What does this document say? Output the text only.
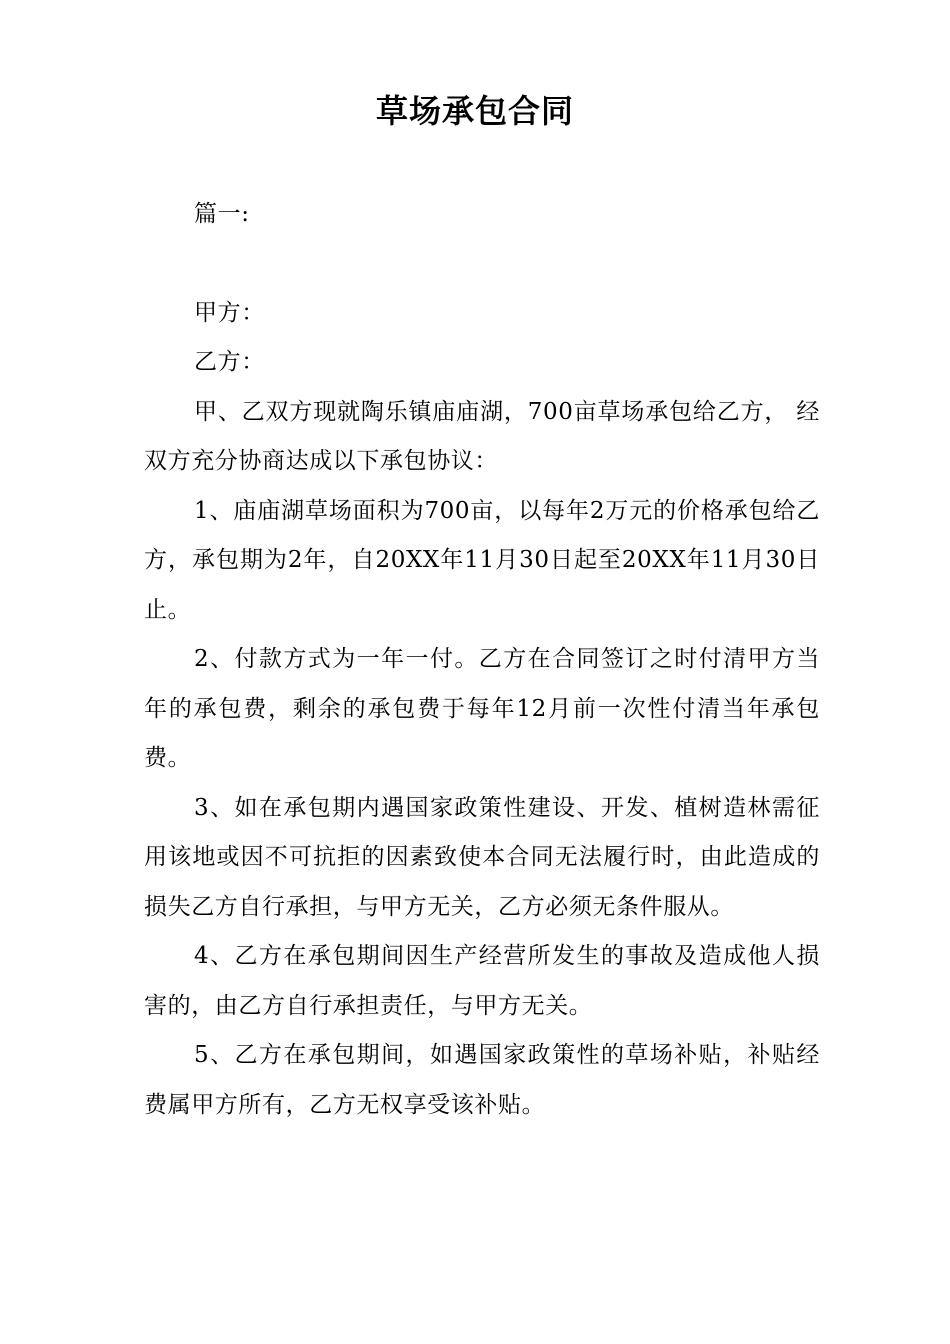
草场承包合同

篇一:

甲方：

乙方：

甲、乙双方现就陶乐镇庙庙湖，700亩草场承包给乙方， 经双方充分协商达成以下承包协议：

1、庙庙湖草场面积为700亩，以每年2万元的价格承包给乙方，承包期为2年，自20XX年11月30日起至20XX年11月30日止。

2、付款方式为一年一付。乙方在合同签订之时付清甲方当年的承包费，剩余的承包费于每年12月前一次性付清当年承包费。

3、如在承包期内遇国家政策性建设、开发、植树造林需征用该地或因不可抗拒的因素致使本合同无法履行时，由此造成的损失乙方自行承担，与甲方无关，乙方必须无条件服从。

4、乙方在承包期间因生产经营所发生的事故及造成他人损害的，由乙方自行承担责任，与甲方无关。

5、乙方在承包期间，如遇国家政策性的草场补贴，补贴经费属甲方所有，乙方无权享受该补贴。
